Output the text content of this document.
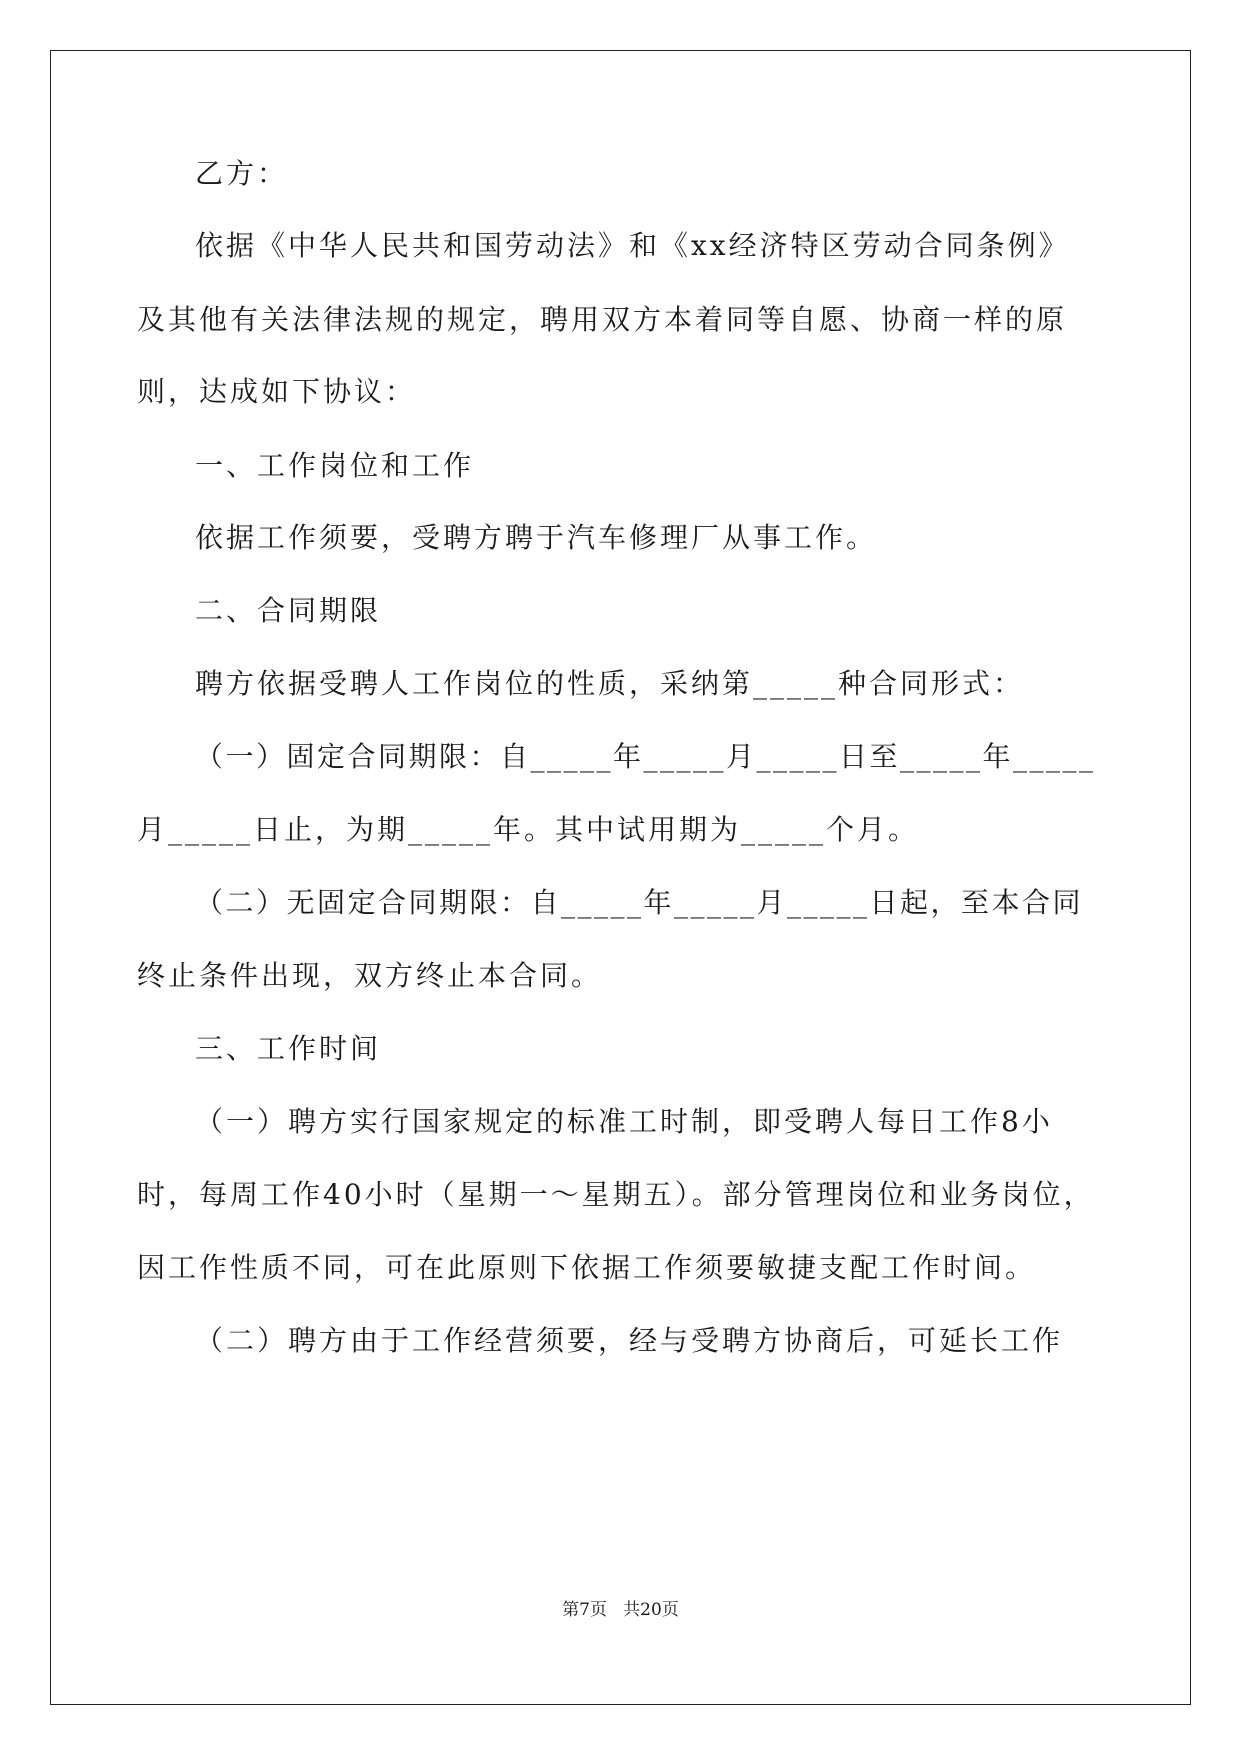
乙方：
依据《中华人民共和国劳动法》和《xx经济特区劳动合同条例》
及其他有关法律法规的规定，聘用双方本着同等自愿、协商一样的原
则，达成如下协议：
一、工作岗位和工作
依据工作须要，受聘方聘于汽车修理厂从事工作。
二、合同期限
聘方依据受聘人工作岗位的性质，采纳第_____种合同形式：
（一）固定合同期限：自_____年_____月_____日至_____年_____
月_____日止，为期_____年。其中试用期为_____个月。
（二）无固定合同期限：自_____年_____月_____日起，至本合同
终止条件出现，双方终止本合同。
三、工作时间
（一）聘方实行国家规定的标准工时制，即受聘人每日工作8小
时，每周工作40小时（星期一～星期五）。部分管理岗位和业务岗位，
因工作性质不同，可在此原则下依据工作须要敏捷支配工作时间。
（二）聘方由于工作经营须要，经与受聘方协商后，可延长工作
第7页   共20页
